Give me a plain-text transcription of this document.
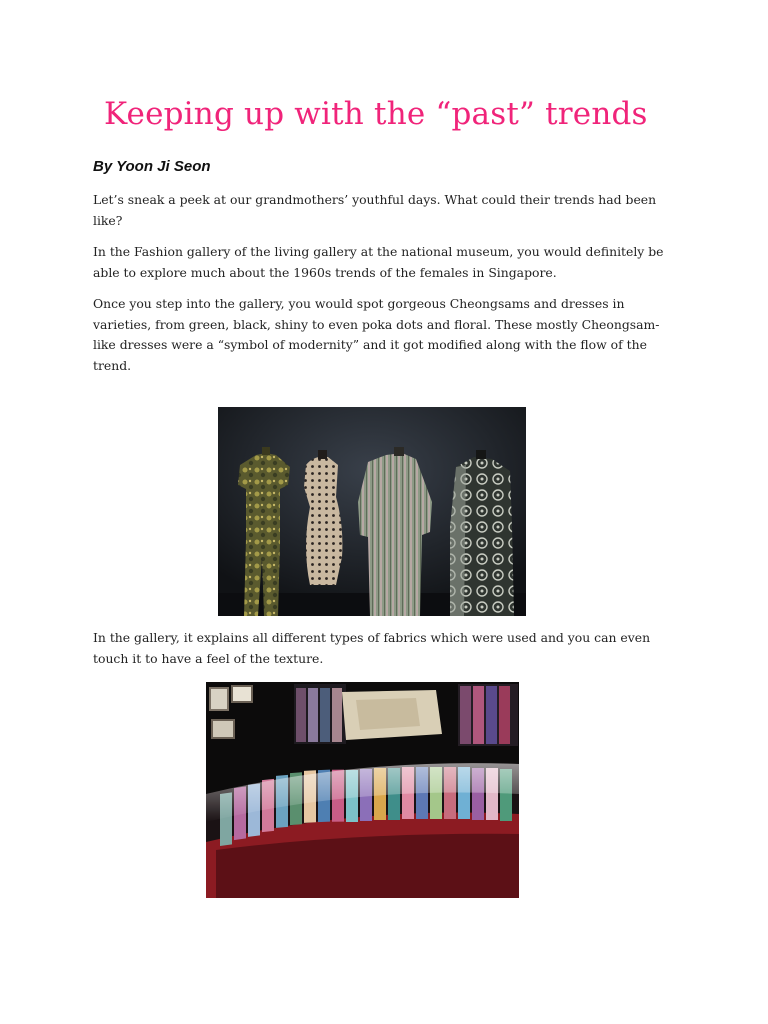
Keeping up with the “past” trends

By Yoon Ji Seon

Let’s sneak a peek at our grandmothers’ youthful days. What could their trends had been like?

In the Fashion gallery of the living gallery at the national museum, you would definitely be able to explore much about the 1960s trends of the females in Singapore.

Once you step into the gallery, you would spot gorgeous Cheongsams and dresses in varieties, from green, black, shiny to even poka dots and floral. These mostly Cheongsam-like dresses were a “symbol of modernity” and it got modified along with the flow of the trend.

In the gallery, it explains all different types of fabrics which were used and you can even touch it to have a feel of the texture.
